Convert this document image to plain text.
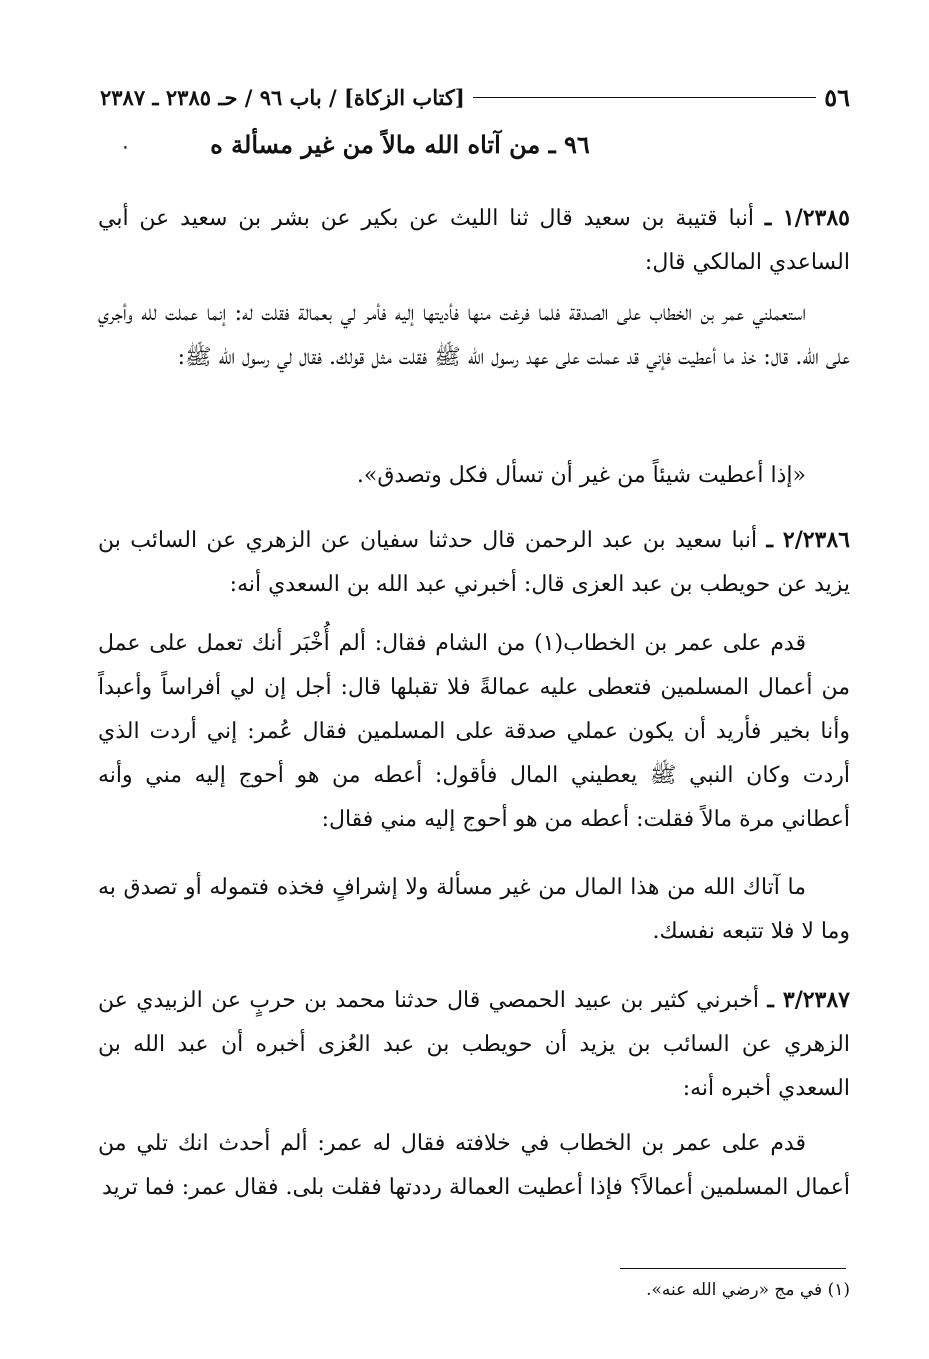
٥٦
[كتاب الزكاة] / باب ٩٦ / حـ ٢٣٨٥ ـ ٢٣٨٧
٩٦ ـ من آتاه الله مالاً من غير مسألة ه
٠
١/٢٣٨٥ ـ أنبا قتيبة بن سعيد قال ثنا الليث عن بكير عن بشر بن سعيد عن أبي الساعدي المالكي قال:
استعملني عمر بن الخطاب على الصدقة فلما فرغت منها فأديتها إليه فأمر لي بعمالة فقلت له: إنما عملت لله وأجري على الله. قال: خذ ما أعطيت فإني قد عملت على عهد رسول الله ﷺ فقلت مثل قولك. فقال لي رسول الله ﷺ:
«إذا أعطيت شيئاً من غير أن تسأل فكل وتصدق».
٢/٢٣٨٦ ـ أنبا سعيد بن عبد الرحمن قال حدثنا سفيان عن الزهري عن السائب بن يزيد عن حويطب بن عبد العزى قال: أخبرني عبد الله بن السعدي أنه:
قدم على عمر بن الخطاب(١) من الشام فقال: ألم أُخْبَر أنك تعمل على عمل من أعمال المسلمين فتعطى عليه عمالةً فلا تقبلها قال: أجل إن لي أفراساً وأعبداً وأنا بخير فأريد أن يكون عملي صدقة على المسلمين فقال عُمر: إني أردت الذي أردت وكان النبي ﷺ يعطيني المال فأقول: أعطه من هو أحوج إليه مني وأنه أعطاني مرة مالاً فقلت: أعطه من هو أحوج إليه مني فقال:
ما آتاك الله من هذا المال من غير مسألة ولا إشرافٍ فخذه فتموله أو تصدق به وما لا فلا تتبعه نفسك.
٣/٢٣٨٧ ـ أخبرني كثير بن عبيد الحمصي قال حدثنا محمد بن حربٍ عن الزبيدي عن الزهري عن السائب بن يزيد أن حويطب بن عبد العُزى أخبره أن عبد الله بن السعدي أخبره أنه:
قدم على عمر بن الخطاب في خلافته فقال له عمر: ألم أحدث انك تلي من أعمال المسلمين أعمالاً؟ فإذا أعطيت العمالة رددتها فقلت بلى. فقال عمر: فما تريد
(١) في مج «رضي الله عنه».
